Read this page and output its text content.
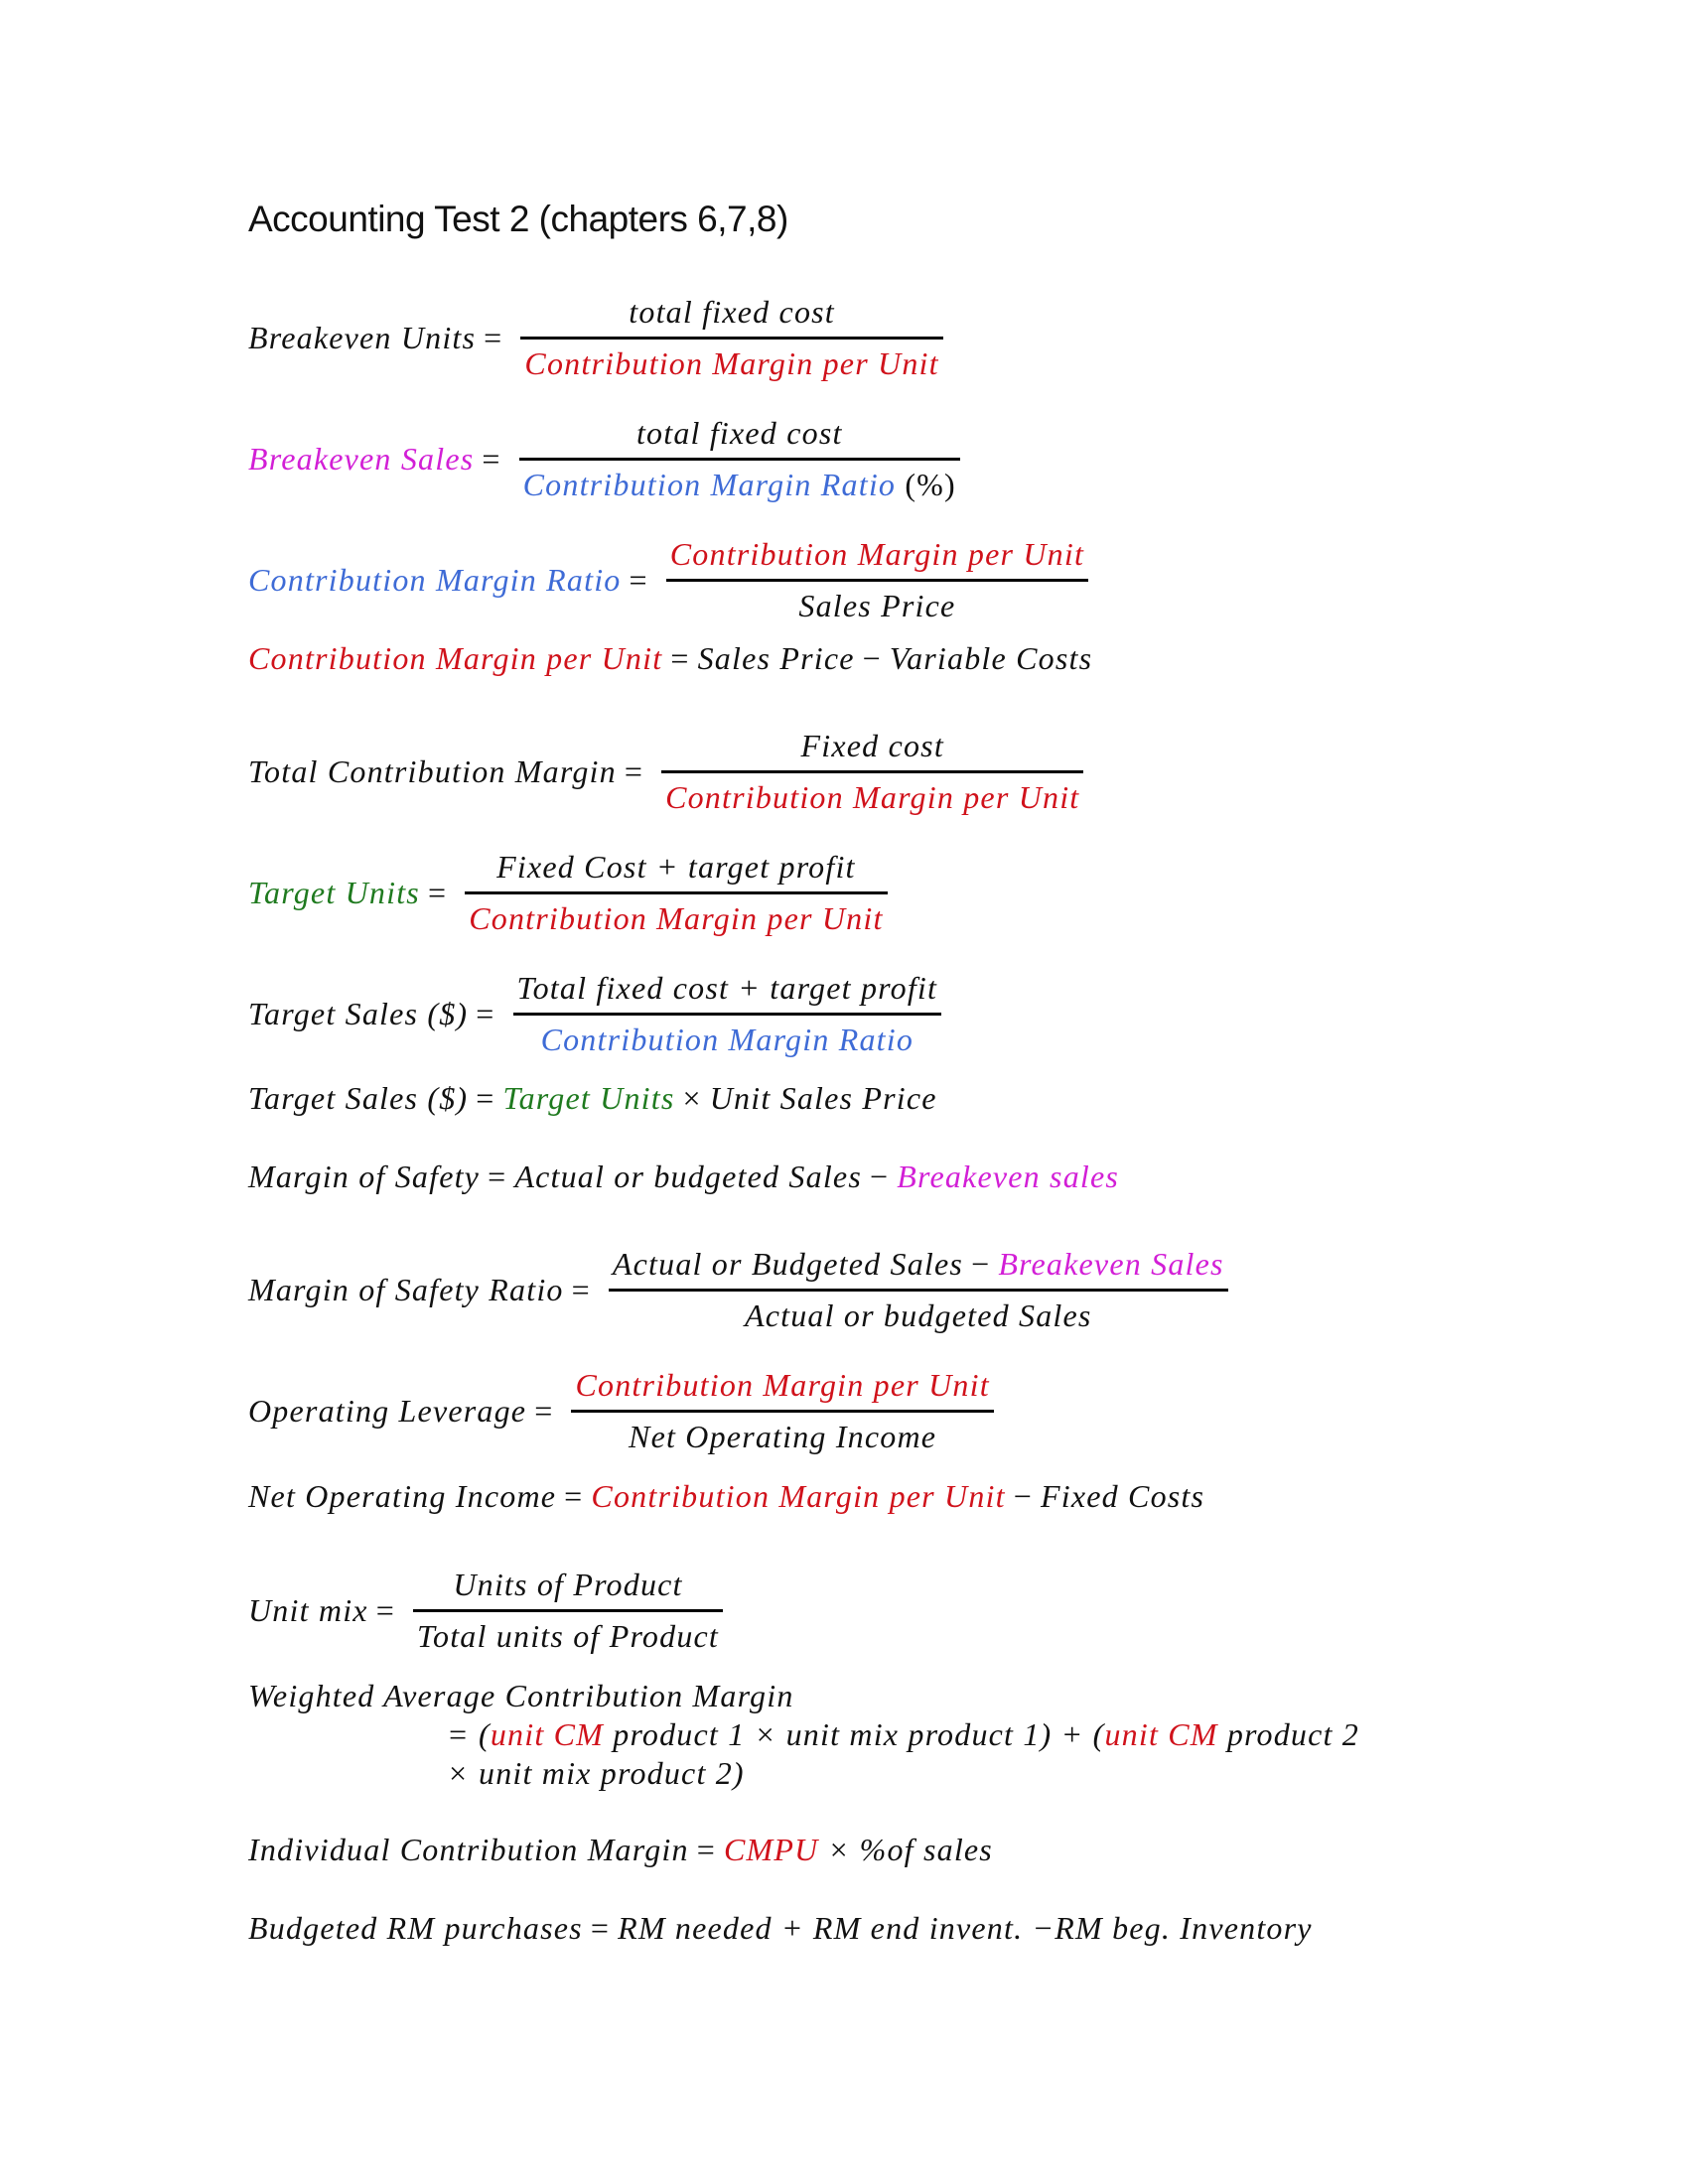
Accounting Test 2 (chapters 6,7,8)
Breakeven Units = $\frac{\text{total fixed cost}}{\text{Contribution Margin per Unit}}$
Breakeven Sales = $\frac{\text{total fixed cost}}{\text{Contribution Margin Ratio (\%)}}$
Contribution Margin Ratio = $\frac{\text{Contribution Margin per Unit}}{\text{Sales Price}}$
Contribution Margin per Unit = Sales Price − Variable Costs
Total Contribution Margin = $\frac{\text{Fixed cost}}{\text{Contribution Margin per Unit}}$
Target Units = $\frac{\text{Fixed Cost + target profit}}{\text{Contribution Margin per Unit}}$
Target Sales ($) = $\frac{\text{Total fixed cost + target profit}}{\text{Contribution Margin Ratio}}$
Target Sales ($) = Target Units × Unit Sales Price
Margin of Safety = Actual or budgeted Sales − Breakeven sales
Margin of Safety Ratio = $\frac{\text{Actual or Budgeted Sales − Breakeven Sales}}{\text{Actual or budgeted Sales}}$
Operating Leverage = $\frac{\text{Contribution Margin per Unit}}{\text{Net Operating Income}}$
Net Operating Income = Contribution Margin per Unit − Fixed Costs
Unit mix = $\frac{\text{Units of Product}}{\text{Total units of Product}}$
Weighted Average Contribution Margin
= (unit CM product 1 × unit mix product 1) + (unit CM product 2
× unit mix product 2)
Individual Contribution Margin = CMPU
× %of sales
Budgeted RM purchases = RM needed + RM end invent. −RM beg. Inventory
